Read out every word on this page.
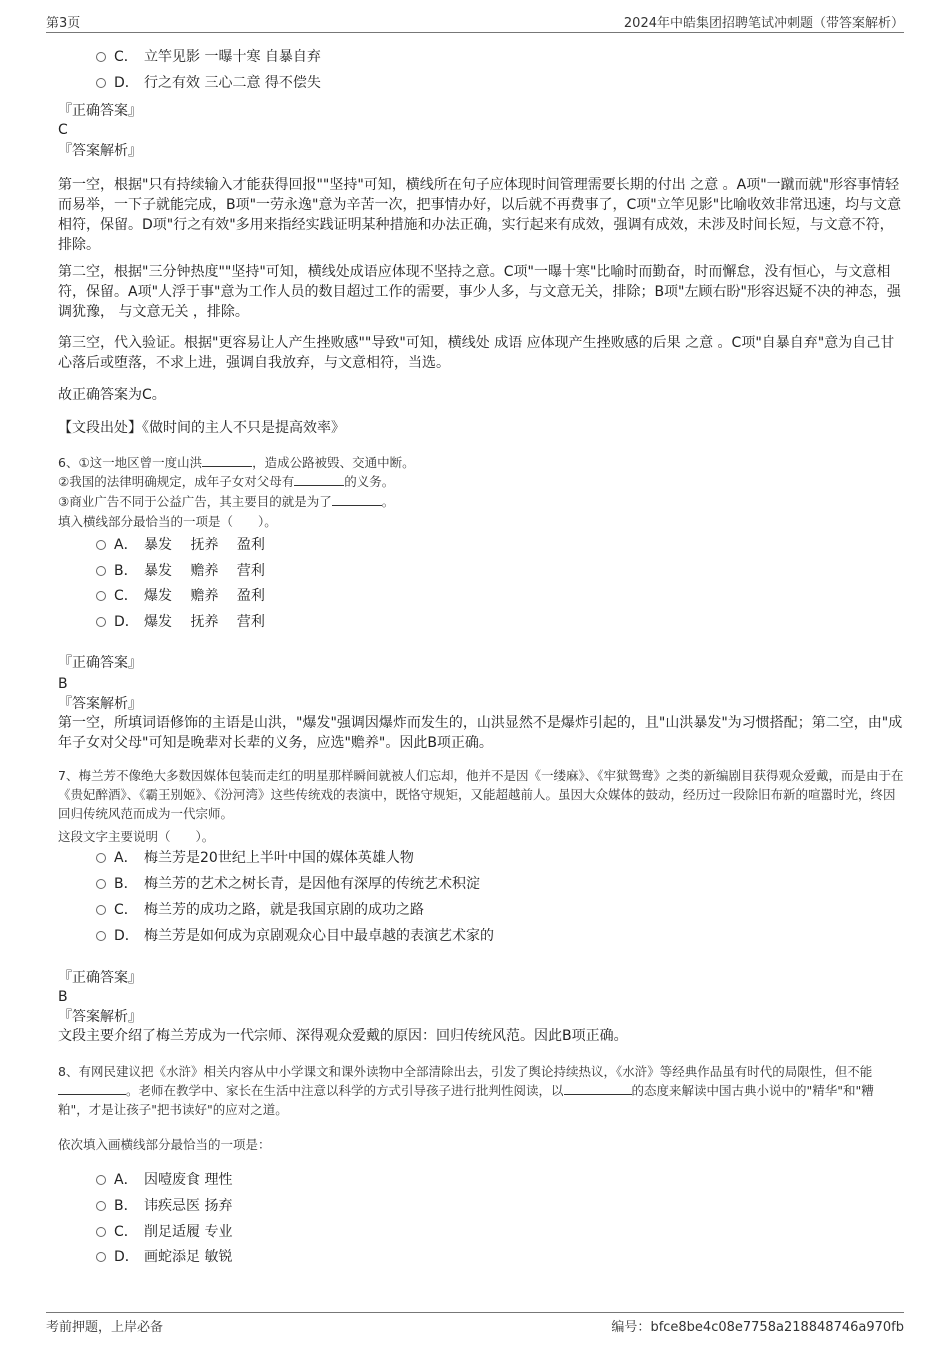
第3页	2024年中皓集团招聘笔试冲刺题（带答案解析）
C． 立竿见影 一曝十寒 自暴自弃
D． 行之有效 三心二意 得不偿失
『正确答案』
C
『答案解析』

第一空，根据"只有持续输入才能获得回报""坚持"可知，横线所在句子应体现时间管理需要长期的付出 之意 。A项"一蹴而就"形容事情轻而易举，一下子就能完成，B项"一劳永逸"意为辛苦一次，把事情办好，以后就不再费事了，C项"立竿见影"比喻收效非常迅速，均与文意相符，保留。D项"行之有效"多用来指经实践证明某种措施和办法正确，实行起来有成效，强调有成效，未涉及时间长短，与文意不符，排除。

第二空，根据"三分钟热度""坚持"可知，横线处成语应体现不坚持之意。C项"一曝十寒"比喻时而勤奋，时而懈怠，没有恒心，与文意相符，保留。A项"人浮于事"意为工作人员的数目超过工作的需要，事少人多，与文意无关，排除；B项"左顾右盼"形容迟疑不决的神态，强调犹豫， 与文意无关 ，排除。

第三空，代入验证。根据"更容易让人产生挫败感""导致"可知，横线处 成语 应体现产生挫败感的后果 之意 。C项"自暴自弃"意为自己甘心落后或堕落，不求上进，强调自我放弃，与文意相符，当选。

故正确答案为C。

【文段出处】《做时间的主人不只是提高效率》

6、①这一地区曾一度山洪	，造成公路被毁、交通中断。
②我国的法律明确规定，成年子女对父母有	的义务。
③商业广告不同于公益广告，其主要目的就是为了	。
填入横线部分最恰当的一项是（　　）。
A． 暴发　 抚养　 盈利
B． 暴发　 赡养　 营利
C． 爆发　 赡养　 盈利
D． 爆发　 抚养　 营利
『正确答案』
B
『答案解析』

第一空，所填词语修饰的主语是山洪，"爆发"强调因爆炸而发生的，山洪显然不是爆炸引起的，且"山洪暴发"为习惯搭配；第二空，由"成年子女对父母"可知是晚辈对长辈的义务，应选"赡养"。因此B项正确。

7、梅兰芳不像绝大多数因媒体包装而走红的明星那样瞬间就被人们忘却，他并不是因《一缕麻》、《牢狱鸳鸯》之类的新编剧目获得观众爱戴，而是由于在《贵妃醉酒》、《霸王别姬》、《汾河湾》这些传统戏的表演中，既恪守规矩，又能超越前人。虽因大众媒体的鼓动，经历过一段除旧布新的喧嚣时光，终因回归传统风范而成为一代宗师。

这段文字主要说明（　　）。
A． 梅兰芳是20世纪上半叶中国的媒体英雄人物
B． 梅兰芳的艺术之树长青，是因他有深厚的传统艺术积淀
C． 梅兰芳的成功之路，就是我国京剧的成功之路
D． 梅兰芳是如何成为京剧观众心目中最卓越的表演艺术家的
『正确答案』
B
『答案解析』

文段主要介绍了梅兰芳成为一代宗师、深得观众爱戴的原因：回归传统风范。因此B项正确。

8、有网民建议把《水浒》相关内容从中小学课文和课外读物中全部清除出去，引发了舆论持续热议，《水浒》等经典作品虽有时代的局限性，但不能。老师在教学中、家长在生活中注意以科学的方式引导孩子进行批判性阅读，以	的态度来解读中国古典小说中的"精华"和"糟粕"，才是让孩子"把书读好"的应对之道。

依次填入画横线部分最恰当的一项是：
A． 因噎废食 理性
B． 讳疾忌医 扬弃
C． 削足适履 专业
D． 画蛇添足 敏锐
考前押题，上岸必备	编号：bfce8be4c08e7758a218848746a970fb
